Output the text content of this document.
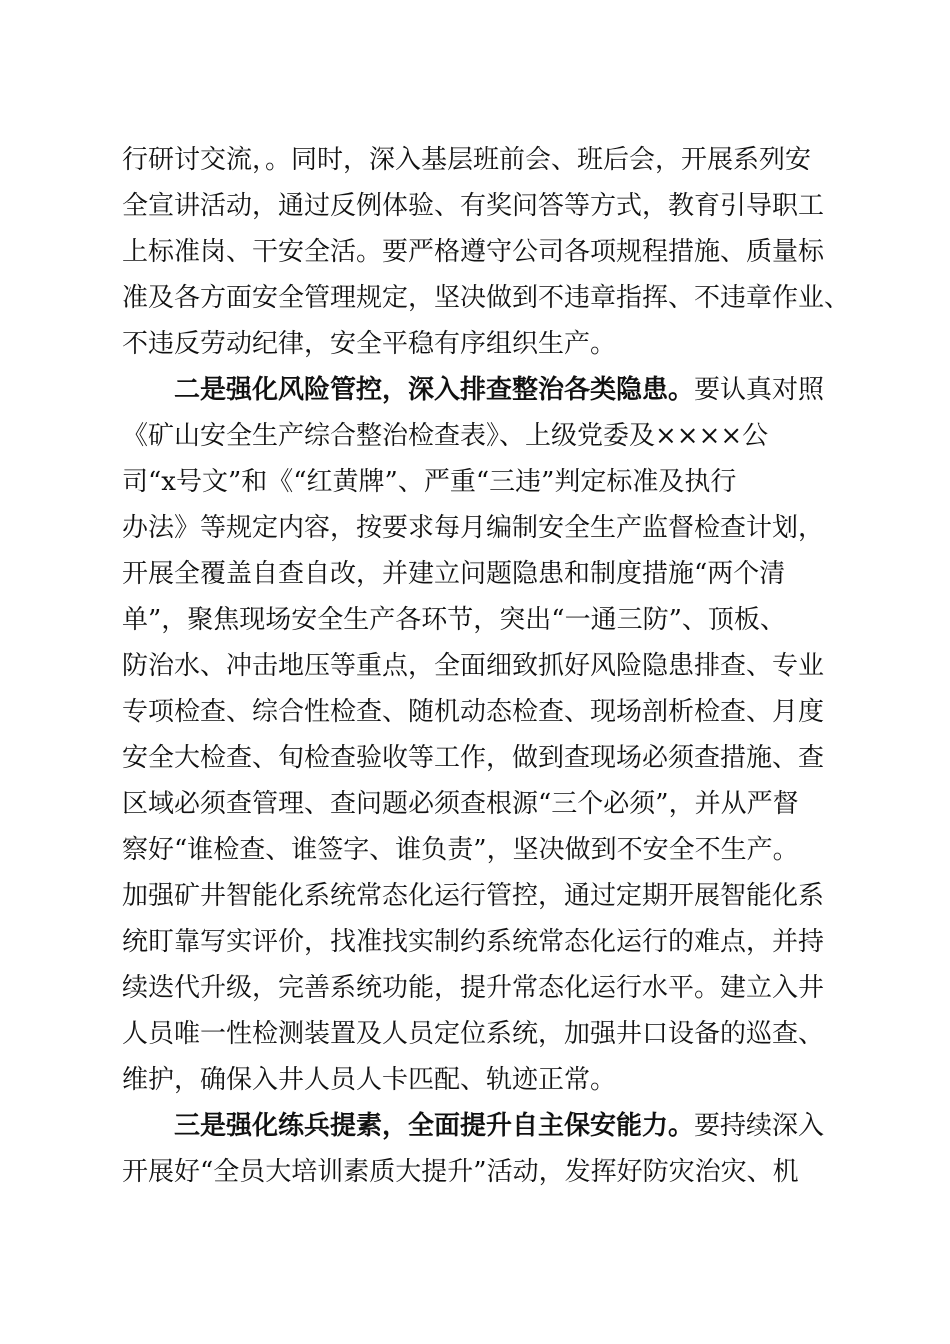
行研讨交流，。同时，深入基层班前会、班后会，开展系列安
全宣讲活动，通过反例体验、有奖问答等方式，教育引导职工
上标准岗、干安全活。要严格遵守公司各项规程措施、质量标
准及各方面安全管理规定，坚决做到不违章指挥、不违章作业、
不违反劳动纪律，安全平稳有序组织生产。
二是强化风险管控，深入排查整治各类隐患。要认真对照
《矿山安全生产综合整治检查表》、上级党委及××××公
司“x号文”和《“红黄牌”、严重“三违”判定标准及执行
办法》等规定内容，按要求每月编制安全生产监督检查计划，
开展全覆盖自查自改，并建立问题隐患和制度措施“两个清
单”，聚焦现场安全生产各环节，突出“一通三防”、顶板、
防治水、冲击地压等重点，全面细致抓好风险隐患排查、专业
专项检查、综合性检查、随机动态检查、现场剖析检查、月度
安全大检查、旬检查验收等工作，做到查现场必须查措施、查
区域必须查管理、查问题必须查根源“三个必须”，并从严督
察好“谁检查、谁签字、谁负责”，坚决做到不安全不生产。
加强矿井智能化系统常态化运行管控，通过定期开展智能化系
统盯靠写实评价，找准找实制约系统常态化运行的难点，并持
续迭代升级，完善系统功能，提升常态化运行水平。建立入井
人员唯一性检测装置及人员定位系统，加强井口设备的巡查、
维护，确保入井人员人卡匹配、轨迹正常。
三是强化练兵提素，全面提升自主保安能力。要持续深入
开展好“全员大培训素质大提升”活动，发挥好防灾治灾、机
